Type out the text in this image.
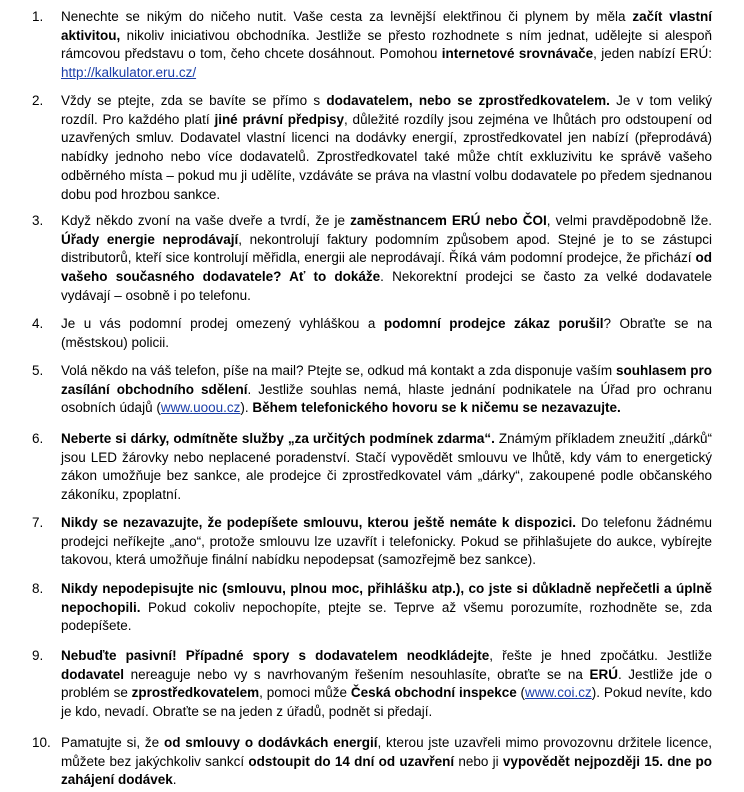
1.	Nenechte se nikým do ničeho nutit. Vaše cesta za levnější elektřinou či plynem by měla začít vlastní aktivitou, nikoliv iniciativou obchodníka. Jestliže se přesto rozhodnete s ním jednat, udělejte si alespoň rámcovou představu o tom, čeho chcete dosáhnout. Pomohou internetové srovnávače, jeden nabízí ERÚ: http://kalkulator.eru.cz/
2.	Vždy se ptejte, zda se bavíte se přímo s dodavatelem, nebo se zprostředkovatelem. Je v tom veliký rozdíl. Pro každého platí jiné právní předpisy, důležité rozdíly jsou zejména ve lhůtách pro odstoupení od uzavřených smluv. Dodavatel vlastní licenci na dodávky energií, zprostředkovatel jen nabízí (přeprodává) nabídky jednoho nebo více dodavatelů. Zprostředkovatel také může chtít exkluzivitu ke správě vašeho odběrného místa – pokud mu ji udělíte, vzdáváte se práva na vlastní volbu dodavatele po předem sjednanou dobu pod hrozbou sankce.
3.	Když někdo zvoní na vaše dveře a tvrdí, že je zaměstnancem ERÚ nebo ČOI, velmi pravděpodobně lže. Úřady energie neprodávají, nekontrolují faktury podomním způsobem apod. Stejné je to se zástupci distributorů, kteří sice kontrolují měřidla, energii ale neprodávají. Říká vám podomní prodejce, že přichází od vašeho současného dodavatele? Ať to dokáže. Nekorektní prodejci se často za velké dodavatele vydávají – osobně i po telefonu.
4.	Je u vás podomní prodej omezený vyhláškou a podomní prodejce zákaz porušil? Obraťte se na (městskou) policii.
5.	Volá někdo na váš telefon, píše na mail? Ptejte se, odkud má kontakt a zda disponuje vaším souhlasem pro zasílání obchodního sdělení. Jestliže souhlas nemá, hlaste jednání podnikatele na Úřad pro ochranu osobních údajů (www.uoou.cz). Během telefonického hovoru se k ničemu se nezavazujte.
6.	Neberte si dárky, odmítněte služby „za určitých podmínek zdarma“. Známým příkladem zneužití „dárků“ jsou LED žárovky nebo neplacené poradenství. Stačí vypovědět smlouvu ve lhůtě, kdy vám to energetický zákon umožňuje bez sankce, ale prodejce či zprostředkovatel vám „dárky“, zakoupené podle občanského zákoníku, zpoplatní.
7.	Nikdy se nezavazujte, že podepíšete smlouvu, kterou ještě nemáte k dispozici. Do telefonu žádnému prodejci neříkejte „ano“, protože smlouvu lze uzavřít i telefonicky. Pokud se přihlašujete do aukce, vybírejte takovou, která umožňuje finální nabídku nepodepsat (samozřejmě bez sankce).
8.	Nikdy nepodepisujte nic (smlouvu, plnou moc, přihlášku atp.), co jste si důkladně nepřečetli a úplně nepochopili. Pokud cokoliv nepochopíte, ptejte se. Teprve až všemu porozumíte, rozhodněte se, zda podepíšete.
9.	Nebuďte pasivní! Případné spory s dodavatelem neodkládejte, řešte je hned zpočátku. Jestliže dodavatel nereaguje nebo vy s navrhovaným řešením nesouhlasíte, obraťte se na ERÚ. Jestliže jde o problém se zprostředkovatelem, pomoci může Česká obchodní inspekce (www.coi.cz). Pokud nevíte, kdo je kdo, nevadí. Obraťte se na jeden z úřadů, podnět si předají.
10. Pamatujte si, že od smlouvy o dodávkách energií, kterou jste uzavřeli mimo provozovnu držitele licence, můžete bez jakýchkoliv sankcí odstoupit do 14 dní od uzavření nebo ji vypovědět nejpozději 15. dne po zahájení dodávek.
